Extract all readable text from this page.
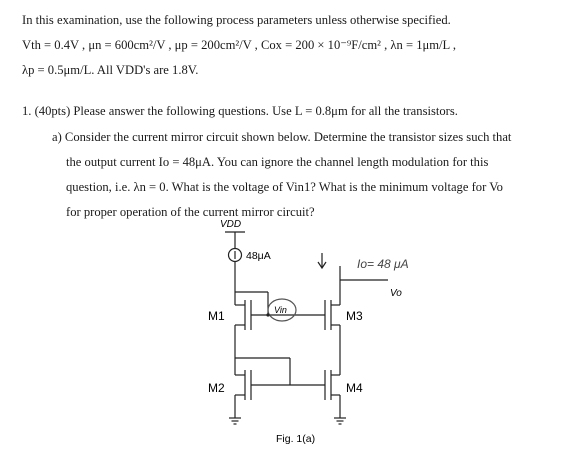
In this examination, use the following process parameters unless otherwise specified.
Vth = 0.4V , μn = 600cm²/V , μp = 200cm²/V , Cox = 200 × 10⁻⁹F/cm² , λn = 1μm/L ,
λp = 0.5μm/L. All VDD's are 1.8V.
1. (40pts) Please answer the following questions. Use L = 0.8μm for all the transistors.
a) Consider the current mirror circuit shown below. Determine the transistor sizes such that
the output current Io = 48μA. You can ignore the channel length modulation for this
question, i.e. λn = 0. What is the voltage of Vin1? What is the minimum voltage for Vo
for proper operation of the current mirror circuit?
VDD
48μA
Vin
Io= 48 μA
Vo
M1
M2
M3
M4
Fig. 1(a)
